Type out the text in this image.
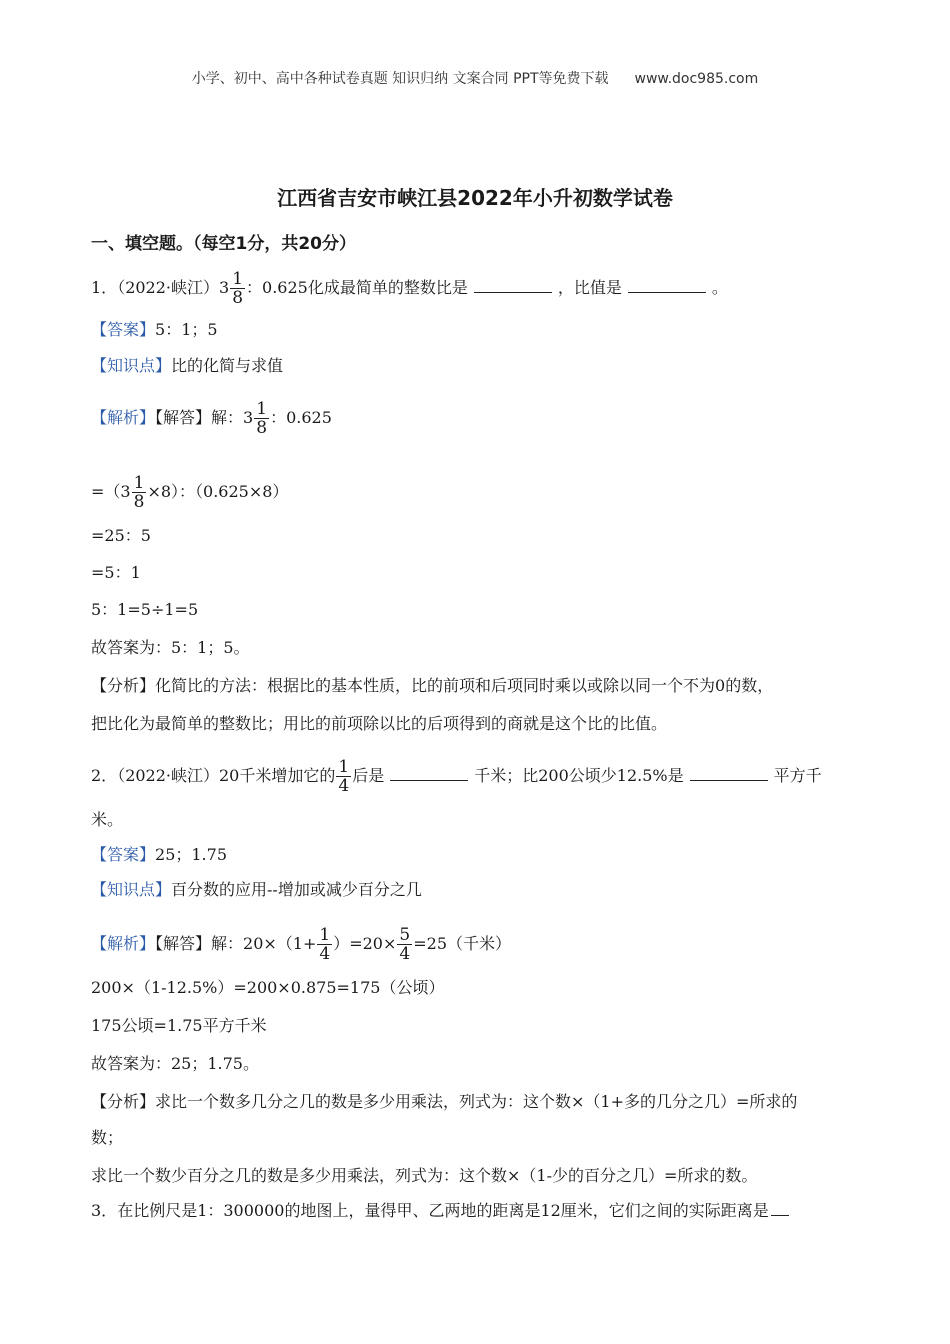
小学、初中、高中各种试卷真题 知识归纳 文案合同 PPT等免费下载 www.doc985.com
江西省吉安市峡江县2022年小升初数学试卷
一、填空题。（每空1分，共20分）
1．（2022·峡江）$3 \frac{1}{8}$ ：0.625化成最简单的整数比是	，比值是	。
【答案】5：1；5
【知识点】比的化简与求值
【解析】【解答】解：$3 \frac{1}{8}$ ：0.625
$=(3 \frac{1}{8} \times 8)$：（0.625×8）
=25：5
=5：1
5：1=5÷1=5
故答案为：5：1；5。
【分析】化简比的方法：根据比的基本性质，比的前项和后项同时乘以或除以同一个不为0的数，
把比化为最简单的整数比；用比的前项除以比的后项得到的商就是这个比的比值。
2．（2022·峡江）20千米增加它的 $\frac{1}{4}$ 后是	千米；比200公顷少12.5%是	平方千
米。
【答案】25；1.75
【知识点】百分数的应用--增加或减少百分之几
【解析】【解答】解：$20\times(1+ \frac{1}{4} )=20\times \frac{5}{4} =25$（千米）
200×（1-12.5%）=200×0.875=175（公顷）
175公顷=1.75平方千米
故答案为：25；1.75。
【分析】求比一个数多几分之几的数是多少用乘法，列式为：这个数×（1+多的几分之几）=所求的
数；
求比一个数少百分之几的数是多少用乘法，列式为：这个数×（1-少的百分之几）=所求的数。
3．在比例尺是1：300000的地图上，量得甲、乙两地的距离是12厘米，它们之间的实际距离是
